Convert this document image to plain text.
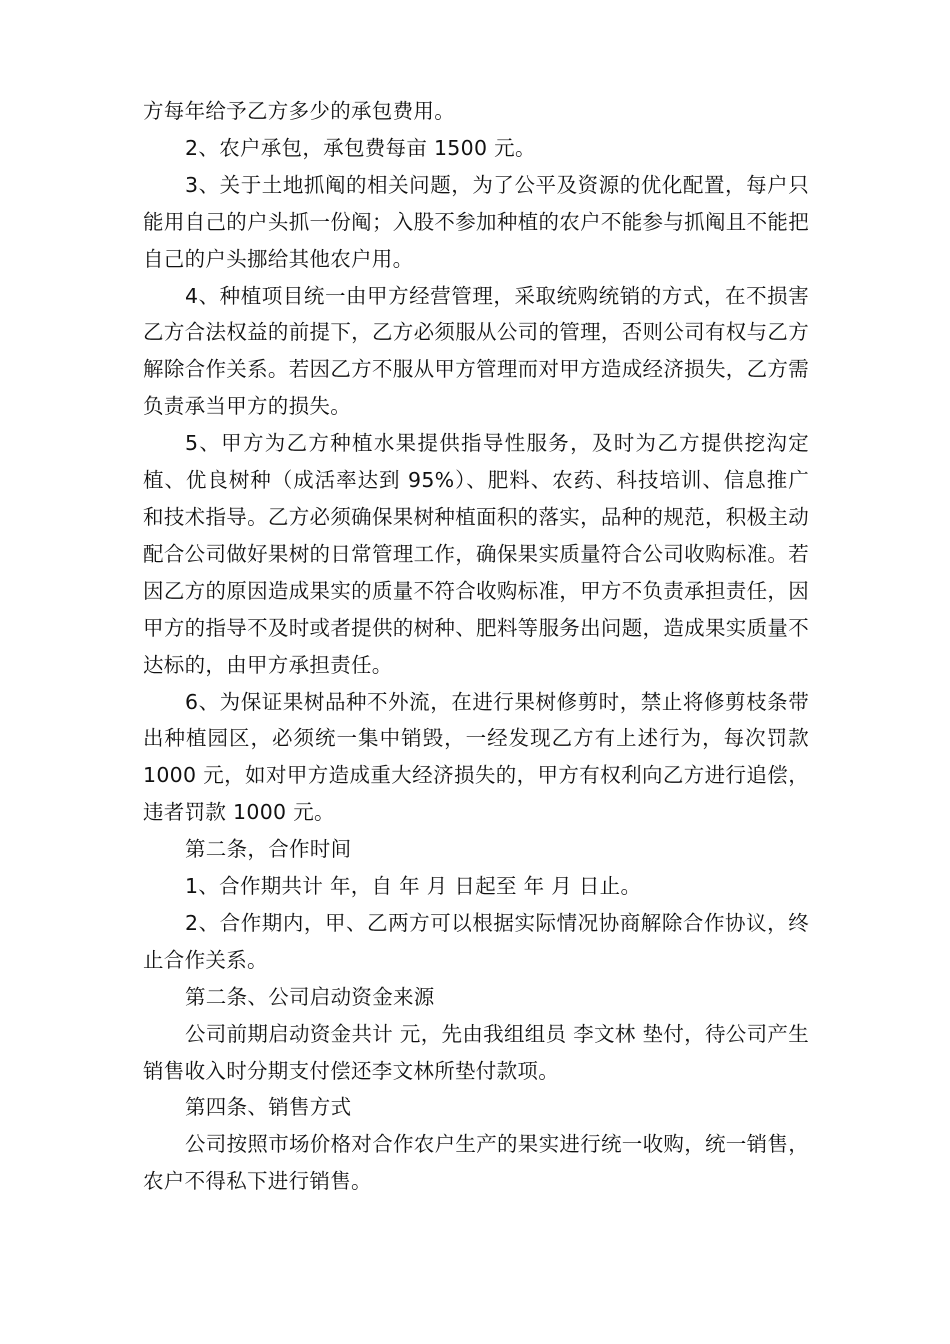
方每年给予乙方多少的承包费用。

2、农户承包，承包费每亩 1500 元。

3、关于土地抓阄的相关问题，为了公平及资源的优化配置，每户只能用自己的户头抓一份阄；入股不参加种植的农户不能参与抓阄且不能把自己的户头挪给其他农户用。

4、种植项目统一由甲方经营管理，采取统购统销的方式，在不损害乙方合法权益的前提下，乙方必须服从公司的管理，否则公司有权与乙方解除合作关系。若因乙方不服从甲方管理而对甲方造成经济损失，乙方需负责承当甲方的损失。

5、甲方为乙方种植水果提供指导性服务，及时为乙方提供挖沟定植、优良树种（成活率达到 95%）、肥料、农药、科技培训、信息推广和技术指导。乙方必须确保果树种植面积的落实，品种的规范，积极主动配合公司做好果树的日常管理工作，确保果实质量符合公司收购标准。若因乙方的原因造成果实的质量不符合收购标准，甲方不负责承担责任，因甲方的指导不及时或者提供的树种、肥料等服务出问题，造成果实质量不达标的，由甲方承担责任。

6、为保证果树品种不外流，在进行果树修剪时，禁止将修剪枝条带出种植园区，必须统一集中销毁，一经发现乙方有上述行为，每次罚款 1000 元，如对甲方造成重大经济损失的，甲方有权利向乙方进行追偿，违者罚款 1000 元。

第二条，合作时间

1、合作期共计 年，自 年 月 日起至 年 月 日止。

2、合作期内，甲、乙两方可以根据实际情况协商解除合作协议，终止合作关系。

第二条、公司启动资金来源

公司前期启动资金共计 元，先由我组组员 李文林 垫付，待公司产生销售收入时分期支付偿还李文林所垫付款项。

第四条、销售方式

公司按照市场价格对合作农户生产的果实进行统一收购，统一销售，农户不得私下进行销售。
